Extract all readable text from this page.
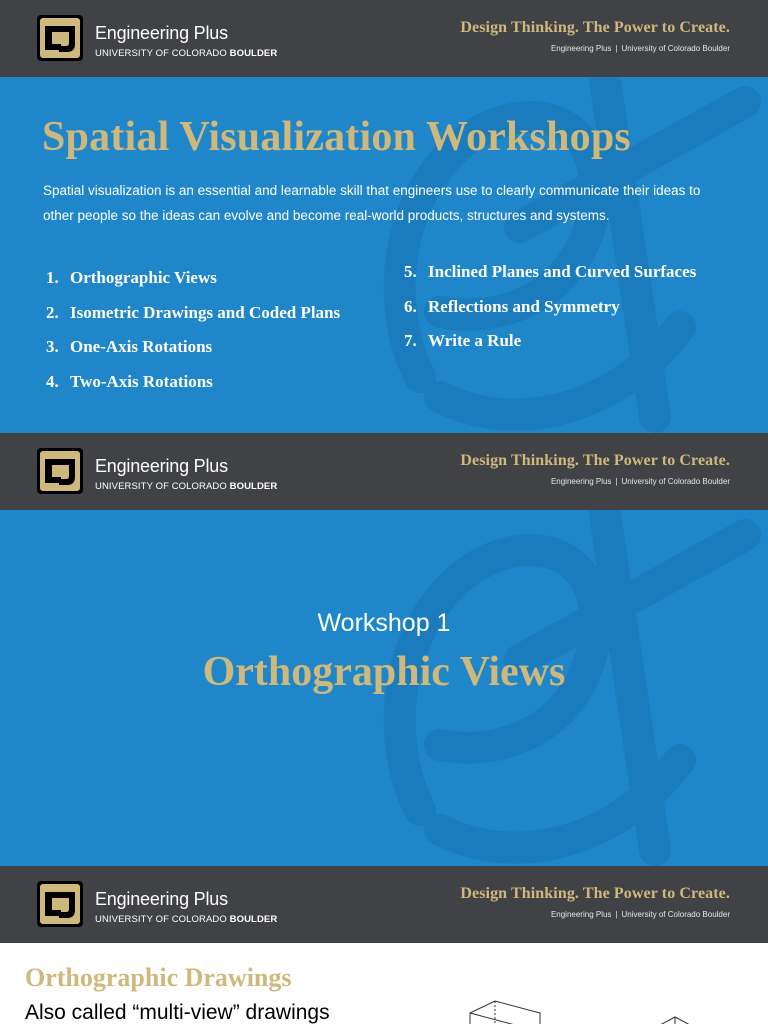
Engineering Plus
UNIVERSITY OF COLORADO BOULDER
Design Thinking. The Power to Create.
Engineering Plus | University of Colorado Boulder
Spatial Visualization Workshops
Spatial visualization is an essential and learnable skill that engineers use to clearly communicate their ideas to other people so the ideas can evolve and become real-world products, structures and systems.
1. Orthographic Views
2. Isometric Drawings and Coded Plans
3. One-Axis Rotations
4. Two-Axis Rotations
5. Inclined Planes and Curved Surfaces
6. Reflections and Symmetry
7. Write a Rule
Engineering Plus
UNIVERSITY OF COLORADO BOULDER
Design Thinking. The Power to Create.
Engineering Plus | University of Colorado Boulder
Workshop 1
Orthographic Views
Engineering Plus
UNIVERSITY OF COLORADO BOULDER
Design Thinking. The Power to Create.
Engineering Plus | University of Colorado Boulder
Orthographic Drawings
Also called “multi-view” drawings
